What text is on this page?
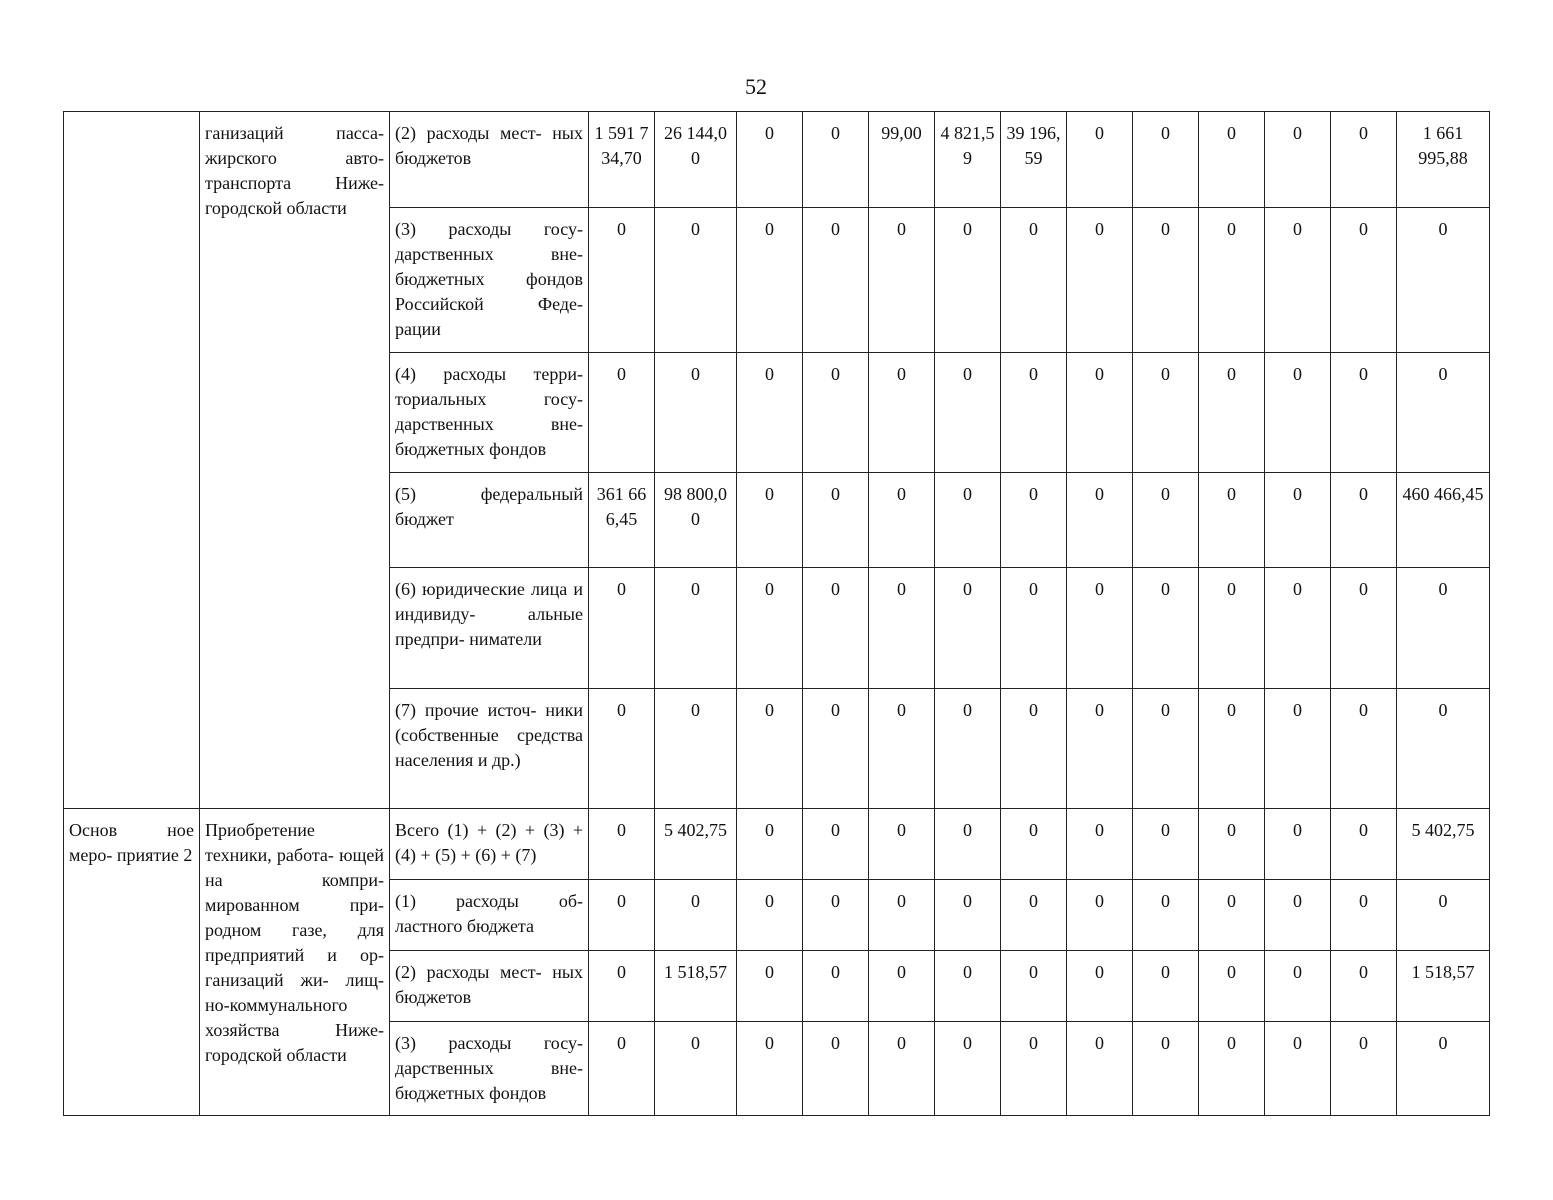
52
	ганизаций пасса- жирского авто- транспорта Ниже- городской области	(2) расходы мест- ных бюджетов	1 591 734,70	26 144,00	0	0	99,00	4 821,59	39 196,59	0	0	0	0	0	1 661 995,88
		(3) расходы госу- дарственных вне- бюджетных фондов Российской Феде- рации	0	0	0	0	0	0	0	0	0	0	0	0	0
		(4) расходы терри- ториальных госу- дарственных вне- бюджетных фондов	0	0	0	0	0	0	0	0	0	0	0	0	0
		(5) федеральный бюджет	361 666,45	98 800,00	0	0	0	0	0	0	0	0	0	0	460 466,45
		(6) юридические лица и индивиду- альные предпри- ниматели	0	0	0	0	0	0	0	0	0	0	0	0	0
		(7) прочие источ- ники (собственные средства населения и др.)	0	0	0	0	0	0	0	0	0	0	0	0	0
Основ ное меро- приятие 2	Приобретение техники, работа- ющей на компри- мированном при- родном газе, для предприятий и ор- ганизаций жи- лищ- но-коммунального хозяйства Ниже- городской области	Всего (1) + (2) + (3) + (4) + (5) + (6) + (7)	0	5 402,75	0	0	0	0	0	0	0	0	0	0	5 402,75
		(1) расходы об- ластного бюджета	0	0	0	0	0	0	0	0	0	0	0	0	0
		(2) расходы мест- ных бюджетов	0	1 518,57	0	0	0	0	0	0	0	0	0	0	1 518,57
		(3) расходы госу- дарственных вне- бюджетных фондов	0	0	0	0	0	0	0	0	0	0	0	0	0
